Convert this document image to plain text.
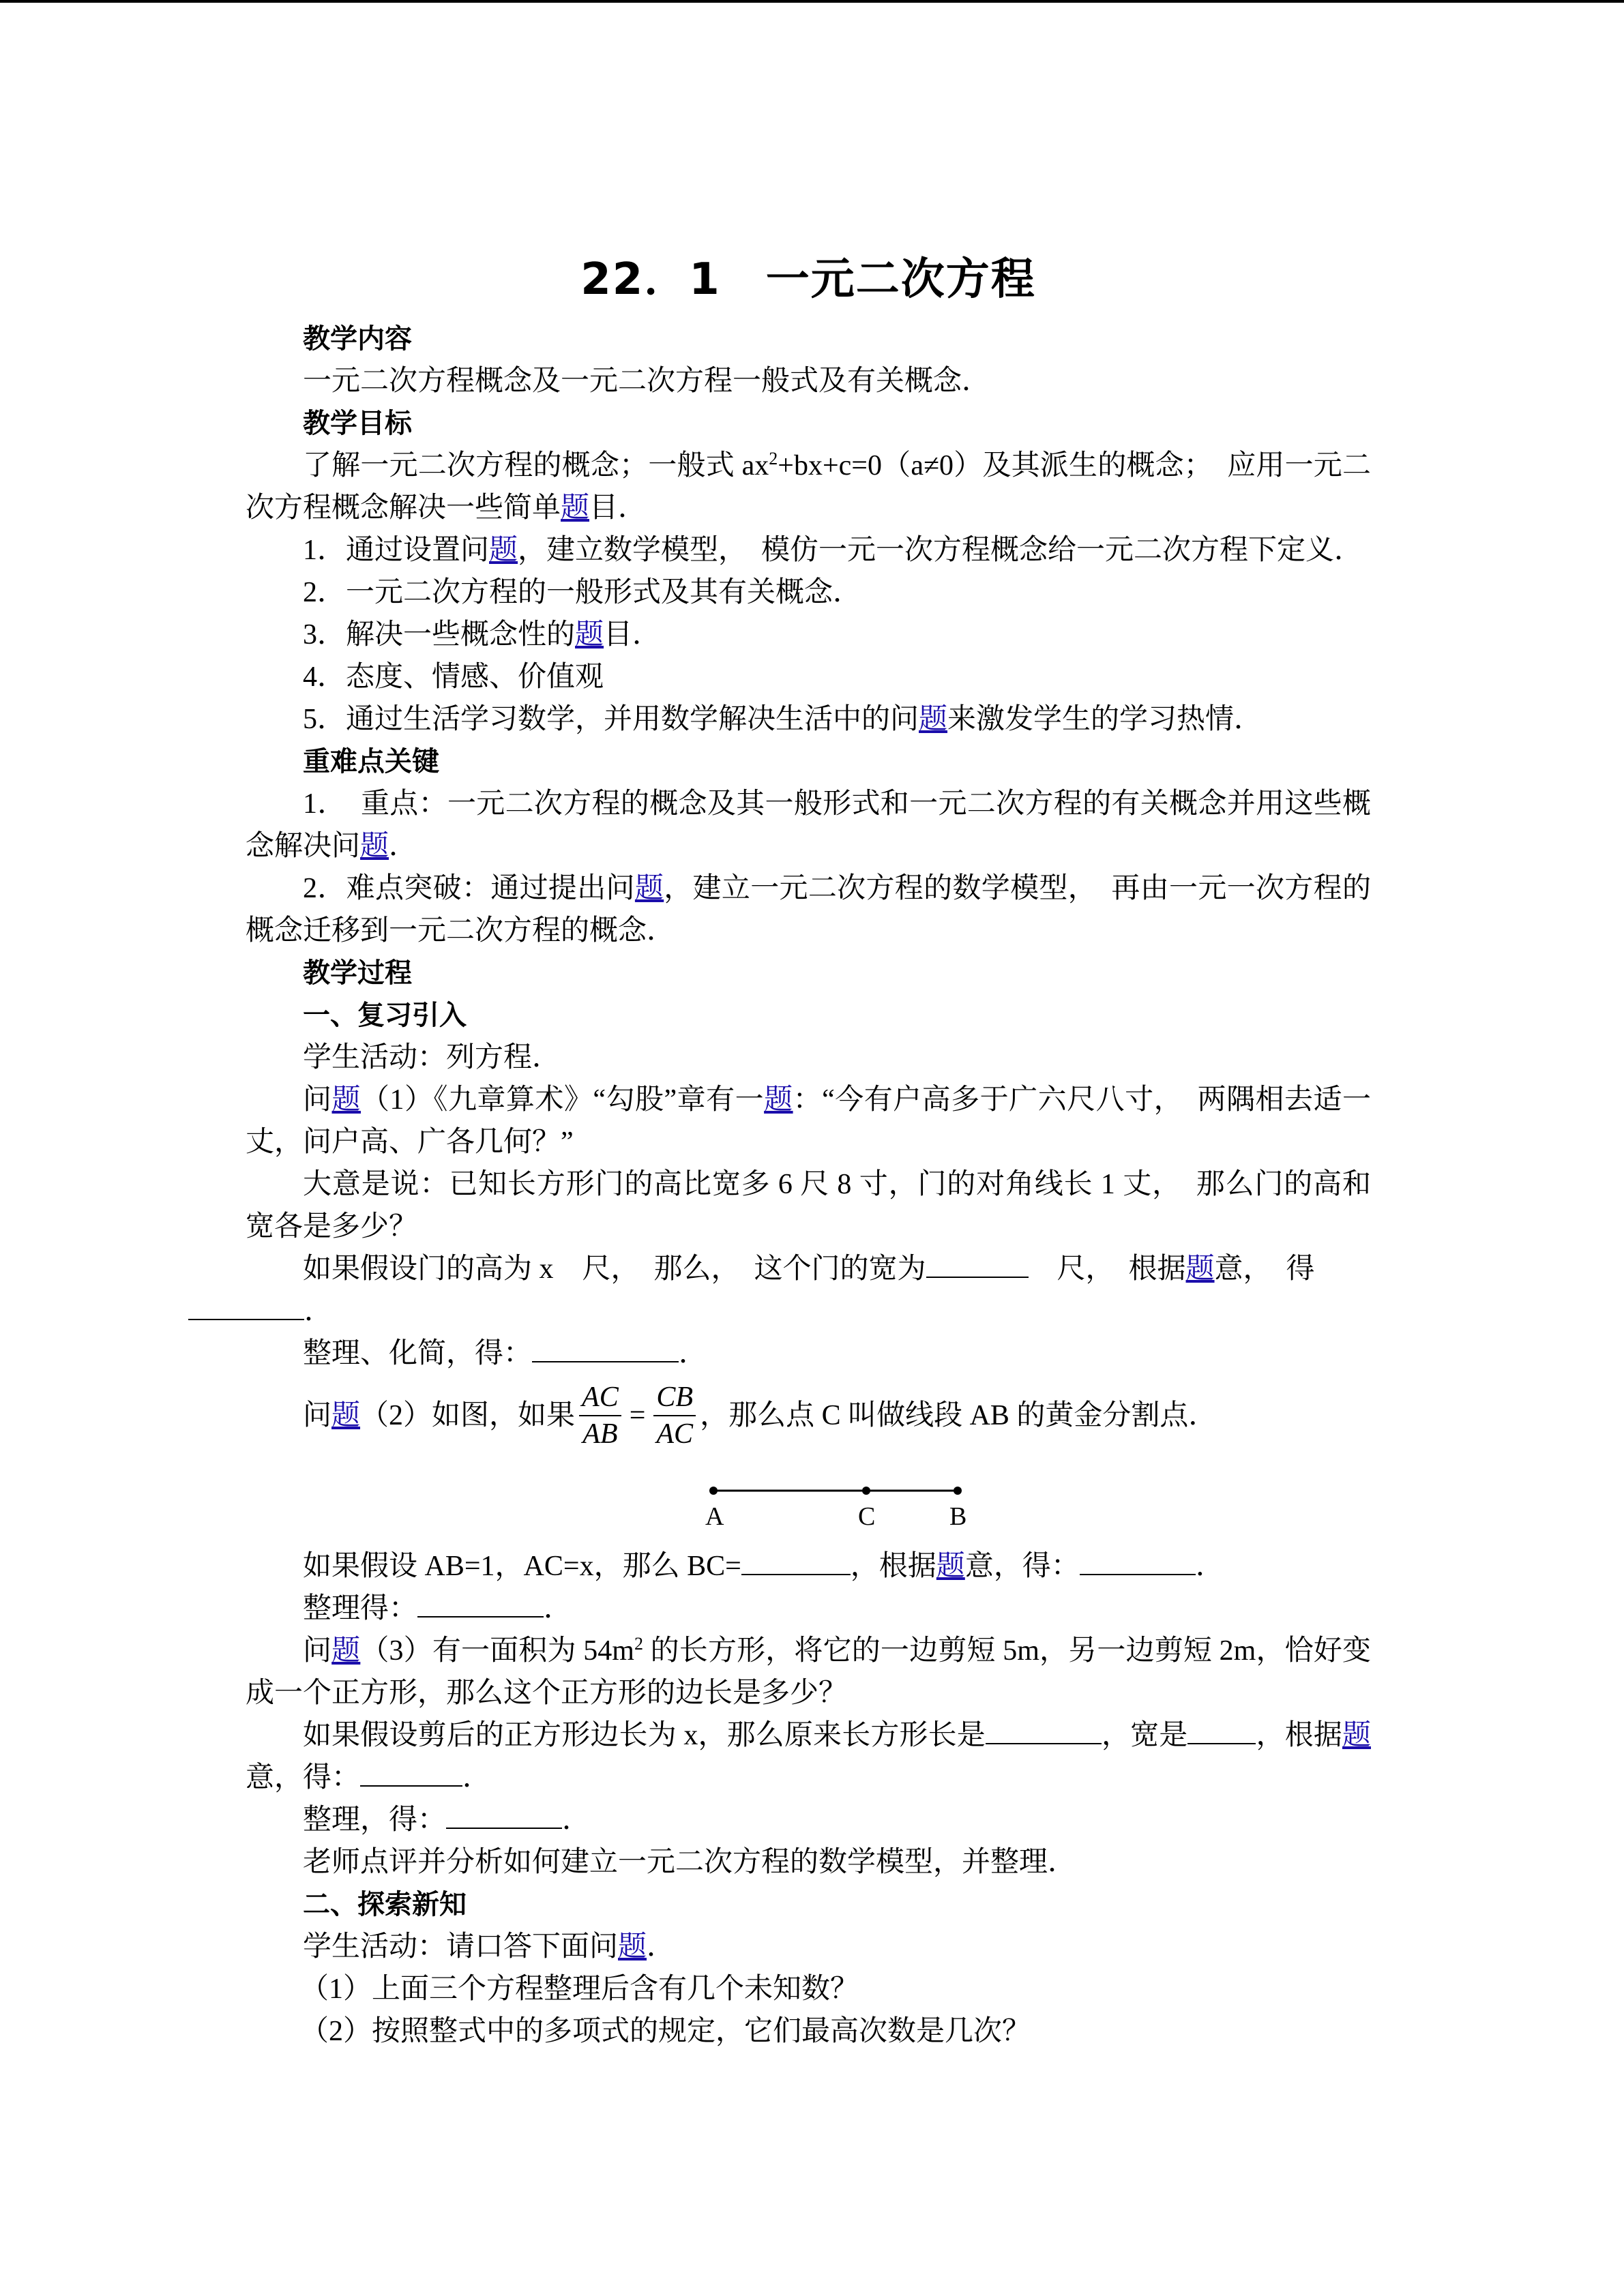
22．1　一元二次方程
教学内容

一元二次方程概念及一元二次方程一般式及有关概念．

教学目标

了解一元二次方程的概念；一般式 $ax^2+bx+c=0(a\ne 0)$及其派生的概念；　应用一元二次方程概念解决一些简单题目．

1．通过设置问题，建立数学模型，　模仿一元一次方程概念给一元二次方程下定义．

2．一元二次方程的一般形式及其有关概念．

3．解决一些概念性的题目．

4．态度、情感、价值观

5．通过生活学习数学，并用数学解决生活中的问题来激发学生的学习热情．

重难点关键

1．　重点：一元二次方程的概念及其一般形式和一元二次方程的有关概念并用这些概念解决问题．

2．难点突破：通过提出问题，建立一元二次方程的数学模型，　再由一元一次方程的概念迁移到一元二次方程的概念．

教学过程
一、复习引入

学生活动：列方程．

问题（1）《九章算术》“勾股”章有一题：“今有户高多于广六尺八寸，　两隅相去适一丈，问户高、广各几何？”

大意是说：已知长方形门的高比宽多 6 尺 8 寸，门的对角线长 1 丈，　那么门的高和宽各是多少？

如果假设门的高为 x　尺，　那么，　这个门的宽为	　尺，　根据题意，　得
．

整理、化简，得：	．

问 题 （2）如图，如果 $\frac{AC}{AB} = \frac{CB}{AC}$ ，那么点 C 叫做线段 AB 的黄金分割点．
A	C	B

如果假设 AB=1，AC=x，那么 BC=	，根据题意，得：	．

整理得：	．

问题（3）有一面积为 $54m^2$ 的长方形，将它的一边剪短 5m，另一边剪短 2m，恰好变成一个正方形，那么这个正方形的边长是多少？

如果假设剪后的正方形边长为 x，那么原来长方形长是	，宽是 ，根据题意，得：	．

整理，得：	．

老师点评并分析如何建立一元二次方程的数学模型，并整理．

二、探索新知

学生活动：请口答下面问题．

（1）上面三个方程整理后含有几个未知数？

（2）按照整式中的多项式的规定，它们最高次数是几次？
